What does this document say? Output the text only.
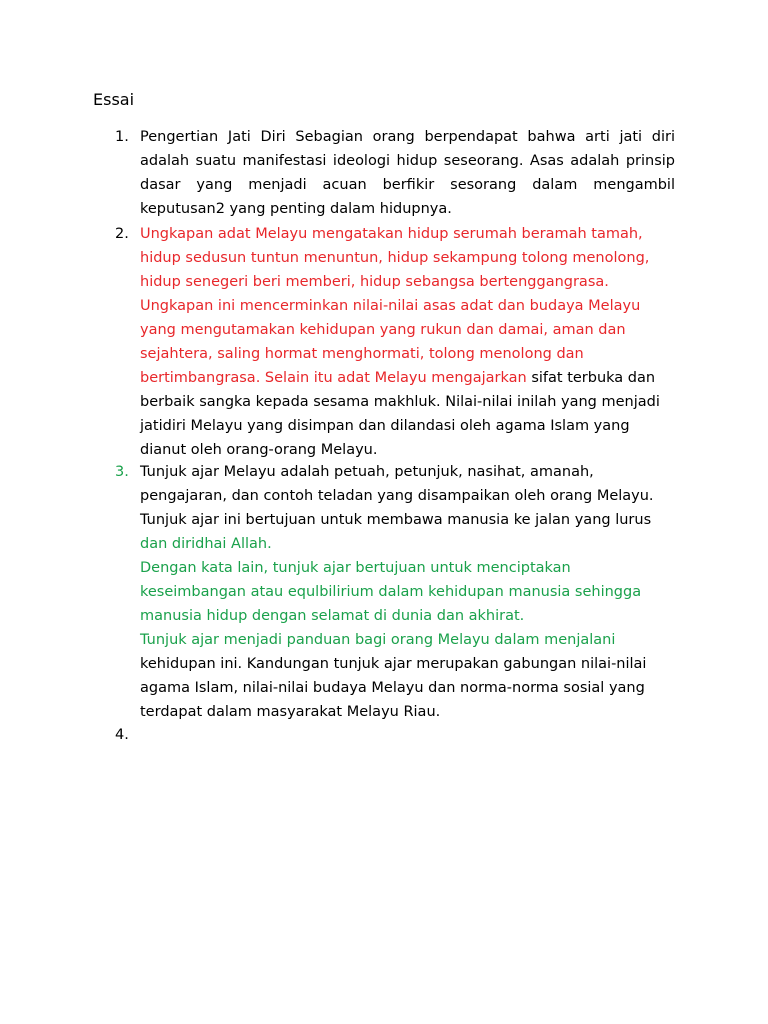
Essai
1. Pengertian Jati Diri Sebagian orang berpendapat bahwa arti jati diri
adalah suatu manifestasi ideologi hidup seseorang. Asas adalah prinsip
dasar yang menjadi acuan berfikir sesorang dalam mengambil
keputusan2 yang penting dalam hidupnya.
2. Ungkapan adat Melayu mengatakan hidup serumah beramah tamah,
hidup sedusun tuntun menuntun, hidup sekampung tolong menolong,
hidup senegeri beri memberi, hidup sebangsa bertenggangrasa.
Ungkapan ini mencerminkan nilai-nilai asas adat dan budaya Melayu
yang mengutamakan kehidupan yang rukun dan damai, aman dan
sejahtera, saling hormat menghormati, tolong menolong dan
bertimbangrasa. Selain itu adat Melayu mengajarkan sifat terbuka dan
berbaik sangka kepada sesama makhluk. Nilai-nilai inilah yang menjadi
jatidiri Melayu yang disimpan dan dilandasi oleh agama Islam yang
dianut oleh orang-orang Melayu.
3. Tunjuk ajar Melayu adalah petuah, petunjuk, nasihat, amanah,
pengajaran, dan contoh teladan yang disampaikan oleh orang Melayu.
Tunjuk ajar ini bertujuan untuk membawa manusia ke jalan yang lurus
dan diridhai Allah.
Dengan kata lain, tunjuk ajar bertujuan untuk menciptakan
keseimbangan atau equlbilirium dalam kehidupan manusia sehingga
manusia hidup dengan selamat di dunia dan akhirat.
Tunjuk ajar menjadi panduan bagi orang Melayu dalam menjalani
kehidupan ini. Kandungan tunjuk ajar merupakan gabungan nilai-nilai
agama Islam, nilai-nilai budaya Melayu dan norma-norma sosial yang
terdapat dalam masyarakat Melayu Riau.
4.
